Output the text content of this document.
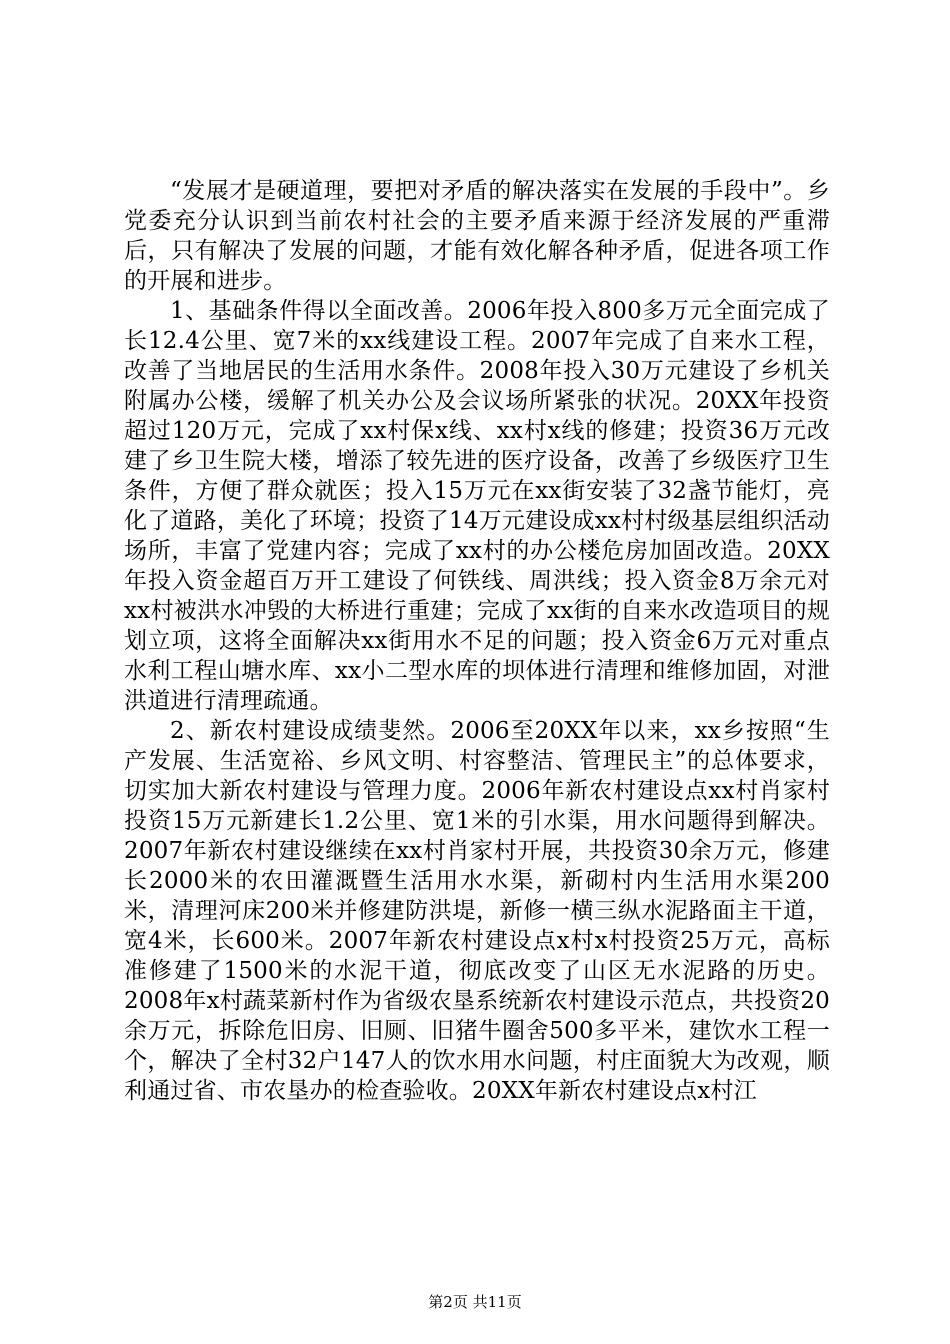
“发展才是硬道理，要把对矛盾的解决落实在发展的手段中”。乡党委充分认识到当前农村社会的主要矛盾来源于经济发展的严重滞后，只有解决了发展的问题，才能有效化解各种矛盾，促进各项工作的开展和进步。

1、基础条件得以全面改善。2006年投入800多万元全面完成了长12.4公里、宽7米的xx线建设工程。2007年完成了自来水工程，改善了当地居民的生活用水条件。2008年投入30万元建设了乡机关附属办公楼，缓解了机关办公及会议场所紧张的状况。20XX年投资超过120万元，完成了xx村保x线、xx村x线的修建；投资36万元改建了乡卫生院大楼，增添了较先进的医疗设备，改善了乡级医疗卫生条件，方便了群众就医；投入15万元在xx街安装了32盏节能灯，亮化了道路，美化了环境；投资了14万元建设成xx村村级基层组织活动场所，丰富了党建内容；完成了xx村的办公楼危房加固改造。20XX年投入资金超百万开工建设了何铁线、周洪线；投入资金8万余元对xx村被洪水冲毁的大桥进行重建；完成了xx街的自来水改造项目的规划立项，这将全面解决xx街用水不足的问题；投入资金6万元对重点水利工程山塘水库、xx小二型水库的坝体进行清理和维修加固，对泄洪道进行清理疏通。

2、新农村建设成绩斐然。2006至20XX年以来，xx乡按照“生产发展、生活宽裕、乡风文明、村容整洁、管理民主”的总体要求，切实加大新农村建设与管理力度。2006年新农村建设点xx村肖家村投资15万元新建长1.2公里、宽1米的引水渠，用水问题得到解决。2007年新农村建设继续在xx村肖家村开展，共投资30余万元，修建长2000米的农田灌溉暨生活用水水渠，新砌村内生活用水渠200米，清理河床200米并修建防洪堤，新修一横三纵水泥路面主干道，宽4米，长600米。2007年新农村建设点x村x村投资25万元，高标准修建了1500米的水泥干道，彻底改变了山区无水泥路的历史。2008年x村蔬菜新村作为省级农垦系统新农村建设示范点，共投资20余万元，拆除危旧房、旧厕、旧猪牛圈舍500多平米，建饮水工程一个，解决了全村32户147人的饮水用水问题，村庄面貌大为改观，顺利通过省、市农垦办的检查验收。20XX年新农村建设点x村江

第2页 共11页
